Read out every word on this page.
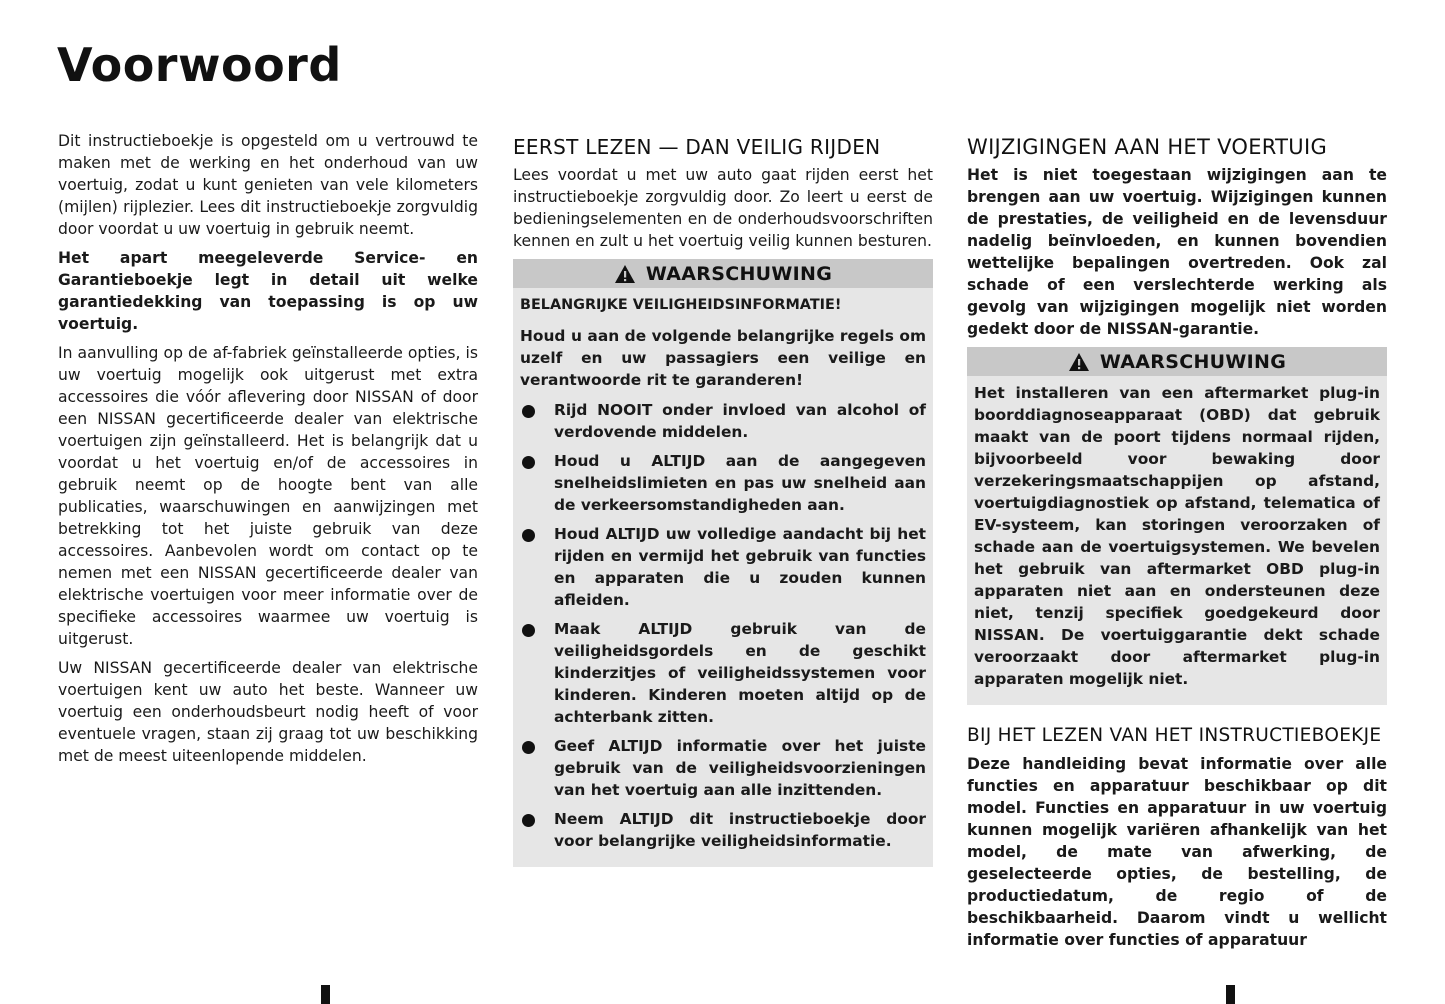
Voorwoord

Dit instructieboekje is opgesteld om u vertrouwd te maken met de werking en het onderhoud van uw voertuig, zodat u kunt genieten van vele kilometers (mijlen) rijplezier. Lees dit instructieboekje zorgvuldig door voordat u uw voertuig in gebruik neemt.

Het apart meegeleverde Service- en Garantieboekje legt in detail uit welke garantiedekking van toepassing is op uw voertuig.

In aanvulling op de af-fabriek geïnstalleerde opties, is uw voertuig mogelijk ook uitgerust met extra accessoires die vóór aflevering door NISSAN of door een NISSAN gecertificeerde dealer van elektrische voertuigen zijn geïnstalleerd. Het is belangrijk dat u voordat u het voertuig en/of de accessoires in gebruik neemt op de hoogte bent van alle publicaties, waarschuwingen en aanwijzingen met betrekking tot het juiste gebruik van deze accessoires. Aanbevolen wordt om contact op te nemen met een NISSAN gecertificeerde dealer van elektrische voertuigen voor meer informatie over de specifieke accessoires waarmee uw voertuig is uitgerust.

Uw NISSAN gecertificeerde dealer van elektrische voertuigen kent uw auto het beste. Wanneer uw voertuig een onderhoudsbeurt nodig heeft of voor eventuele vragen, staan zij graag tot uw beschikking met de meest uiteenlopende middelen.

EERST LEZEN — DAN VEILIG RIJDEN

Lees voordat u met uw auto gaat rijden eerst het instructieboekje zorgvuldig door. Zo leert u eerst de bedieningselementen en de onderhoudsvoorschriften kennen en zult u het voertuig veilig kunnen besturen.

WAARSCHUWING

BELANGRIJKE VEILIGHEIDSINFORMATIE!

Houd u aan de volgende belangrijke regels om uzelf en uw passagiers een veilige en verantwoorde rit te garanderen!

Rijd NOOIT onder invloed van alcohol of verdovende middelen.
Houd u ALTIJD aan de aangegeven snelheidslimieten en pas uw snelheid aan de verkeersomstandigheden aan.
Houd ALTIJD uw volledige aandacht bij het rijden en vermijd het gebruik van functies en apparaten die u zouden kunnen afleiden.
Maak ALTIJD gebruik van de veiligheidsgordels en de geschikt kinderzitjes of veiligheidssystemen voor kinderen. Kinderen moeten altijd op de achterbank zitten.
Geef ALTIJD informatie over het juiste gebruik van de veiligheidsvoorzieningen van het voertuig aan alle inzittenden.
Neem ALTIJD dit instructieboekje door voor belangrijke veiligheidsinformatie.
WIJZIGINGEN AAN HET VOERTUIG

Het is niet toegestaan wijzigingen aan te brengen aan uw voertuig. Wijzigingen kunnen de prestaties, de veiligheid en de levensduur nadelig beïnvloeden, en kunnen bovendien wettelijke bepalingen overtreden. Ook zal schade of een verslechterde werking als gevolg van wijzigingen mogelijk niet worden gedekt door de NISSAN-garantie.

WAARSCHUWING

Het installeren van een aftermarket plug-in boorddiagnoseapparaat (OBD) dat gebruik maakt van de poort tijdens normaal rijden, bijvoorbeeld voor bewaking door verzekeringsmaatschappijen op afstand, voertuigdiagnostiek op afstand, telematica of EV-systeem, kan storingen veroorzaken of schade aan de voertuigsystemen. We bevelen het gebruik van aftermarket OBD plug-in apparaten niet aan en ondersteunen deze niet, tenzij specifiek goedgekeurd door NISSAN. De voertuiggarantie dekt schade veroorzaakt door aftermarket plug-in apparaten mogelijk niet.

BIJ HET LEZEN VAN HET INSTRUCTIEBOEKJE

Deze handleiding bevat informatie over alle functies en apparatuur beschikbaar op dit model. Functies en apparatuur in uw voertuig kunnen mogelijk variëren afhankelijk van het model, de mate van afwerking, de geselecteerde opties, de bestelling, de productiedatum, de regio of de beschikbaarheid. Daarom vindt u wellicht informatie over functies of apparatuur
